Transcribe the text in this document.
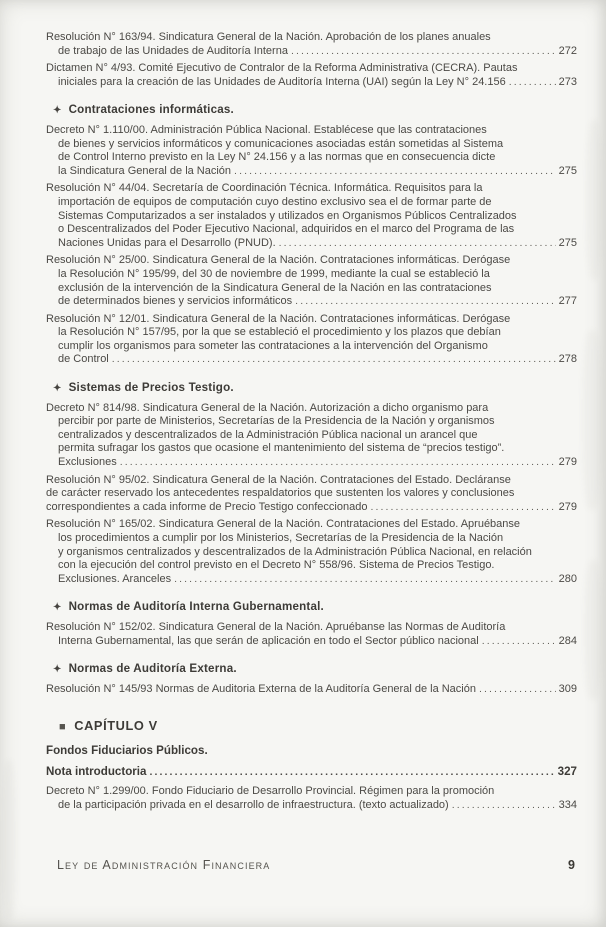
Resolución N° 163/94. Sindicatura General de la Nación. Aprobación de los planes anuales
de trabajo de las Unidades de Auditoría Interna .....	272
Dictamen N° 4/93. Comité Ejecutivo de Contralor de la Reforma Administrativa (CECRA). Pautas
iniciales para la creación de las Unidades de Auditoría Interna (UAI) según la Ley N° 24.156 .....	273
✦ Contrataciones informáticas.
Decreto N° 1.110/00. Administración Pública Nacional. Establécese que las contrataciones
de bienes y servicios informáticos y comunicaciones asociadas están sometidas al Sistema
de Control Interno previsto en la Ley N° 24.156 y a las normas que en consecuencia dicte
la Sindicatura General de la Nación .....	275
Resolución N° 44/04. Secretaría de Coordinación Técnica. Informática. Requisitos para la
importación de equipos de computación cuyo destino exclusivo sea el de formar parte de
Sistemas Computarizados a ser instalados y utilizados en Organismos Públicos Centralizados
o Descentralizados del Poder Ejecutivo Nacional, adquiridos en el marco del Programa de las
Naciones Unidas para el Desarrollo (PNUD). .....	275
Resolución N° 25/00. Sindicatura General de la Nación. Contrataciones informáticas. Derógase
la Resolución N° 195/99, del 30 de noviembre de 1999, mediante la cual se estableció la
exclusión de la intervención de la Sindicatura General de la Nación en las contrataciones
de determinados bienes y servicios informáticos .....	277
Resolución N° 12/01. Sindicatura General de la Nación. Contrataciones informáticas. Derógase
la Resolución N° 157/95, por la que se estableció el procedimiento y los plazos que debían
cumplir los organismos para someter las contrataciones a la intervención del Organismo
de Control .....	278
✦ Sistemas de Precios Testigo.
Decreto N° 814/98. Sindicatura General de la Nación. Autorización a dicho organismo para
percibir por parte de Ministerios, Secretarías de la Presidencia de la Nación y organismos
centralizados y descentralizados de la Administración Pública nacional un arancel que
permita sufragar los gastos que ocasione el mantenimiento del sistema de “precios testigo”.
Exclusiones .....	279
Resolución N° 95/02. Sindicatura General de la Nación. Contrataciones del Estado. Decláranse
de carácter reservado los antecedentes respaldatorios que sustenten los valores y conclusiones
correspondientes a cada informe de Precio Testigo confeccionado .....	279
Resolución N° 165/02. Sindicatura General de la Nación. Contrataciones del Estado. Apruébanse
los procedimientos a cumplir por los Ministerios, Secretarías de la Presidencia de la Nación
y organismos centralizados y descentralizados de la Administración Pública Nacional, en relación
con la ejecución del control previsto en el Decreto N° 558/96. Sistema de Precios Testigo.
Exclusiones. Aranceles .....	280
✦ Normas de Auditoría Interna Gubernamental.
Resolución N° 152/02. Sindicatura General de la Nación. Apruébanse las Normas de Auditoría
Interna Gubernamental, las que serán de aplicación en todo el Sector público nacional .....	284
✦ Normas de Auditoría Externa.
Resolución N° 145/93 Normas de Auditoria Externa de la Auditoría General de la Nación .....	309
■ CAPÍTULO V
Fondos Fiduciarios Públicos.
Nota introductoria .....	327
Decreto N° 1.299/00. Fondo Fiduciario de Desarrollo Provincial. Régimen para la promoción
de la participación privada en el desarrollo de infraestructura. (texto actualizado) .....	334
Ley de Administración Financiera	9
